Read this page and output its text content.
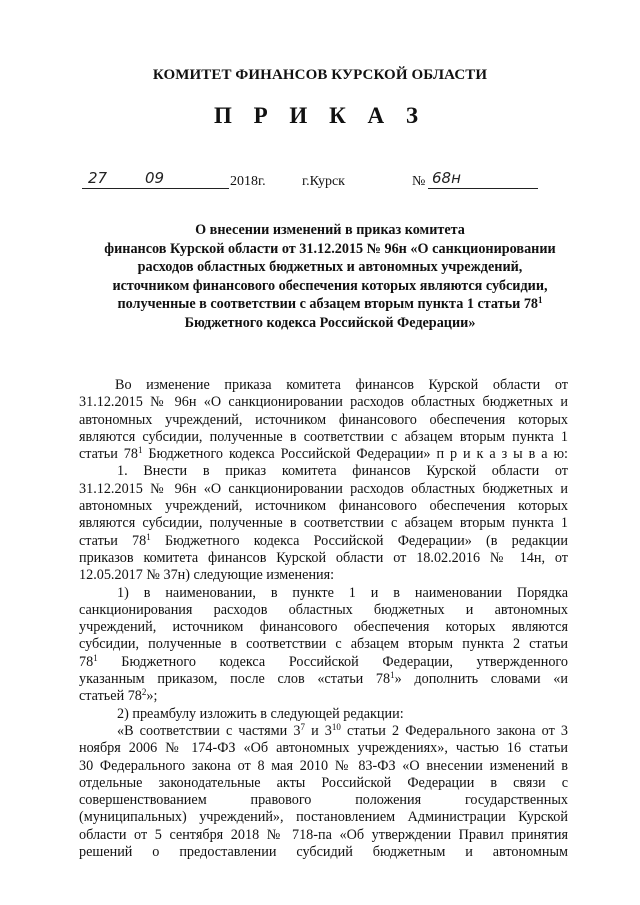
КОМИТЕТ ФИНАНСОВ КУРСКОЙ ОБЛАСТИ
П Р И К А З
27	09	2018г.	г.Курск	№ 68н
О внесении изменений в приказ комитета
финансов Курской области от 31.12.2015 № 96н «О санкционировании
расходов областных бюджетных и автономных учреждений,
источником финансового обеспечения которых являются субсидии,
полученные в соответствии с абзацем вторым пункта 1 статьи $78^1$
Бюджетного кодекса Российской Федерации»
Во изменение приказа комитета финансов Курской области от
31.12.2015 № 96н «О санкционировании расходов областных бюджетных и
автономных учреждений, источником финансового обеспечения которых
являются субсидии, полученные в соответствии с абзацем вторым пункта 1
статьи $78^1$ Бюджетного кодекса Российской Федерации» п р и к а з ы в а ю:
1. Внести в приказ комитета финансов Курской области от
31.12.2015 № 96н «О санкционировании расходов областных бюджетных и
автономных учреждений, источником финансового обеспечения которых
являются субсидии, полученные в соответствии с абзацем вторым пункта 1
статьи $78^1$ Бюджетного кодекса Российской Федерации» (в редакции
приказов комитета финансов Курской области от 18.02.2016 № 14н, от
12.05.2017 № 37н) следующие изменения:
1) в наименовании, в пункте 1 и в наименовании Порядка
санкционирования расходов областных бюджетных и автономных
учреждений, источником финансового обеспечения которых являются
субсидии, полученные в соответствии с абзацем вторым пункта 2 статьи
$78^1$ Бюджетного кодекса Российской Федерации, утвержденного
указанным приказом, после слов «статьи $78^1$» дополнить словами «и
статьей $78^2$»;
2) преамбулу изложить в следующей редакции:
«В соответствии с частями $3^7$ и $3^{10}$ статьи 2 Федерального закона от 3
ноября 2006 № 174-ФЗ «Об автономных учреждениях», частью 16 статьи
30 Федерального закона от 8 мая 2010 № 83-ФЗ «О внесении изменений в
отдельные законодательные акты Российской Федерации в связи с
совершенствованием правового положения государственных
(муниципальных) учреждений», постановлением Администрации Курской
области от 5 сентября 2018 № 718-па «Об утверждении Правил принятия
решений о предоставлении субсидий бюджетным и автономным
